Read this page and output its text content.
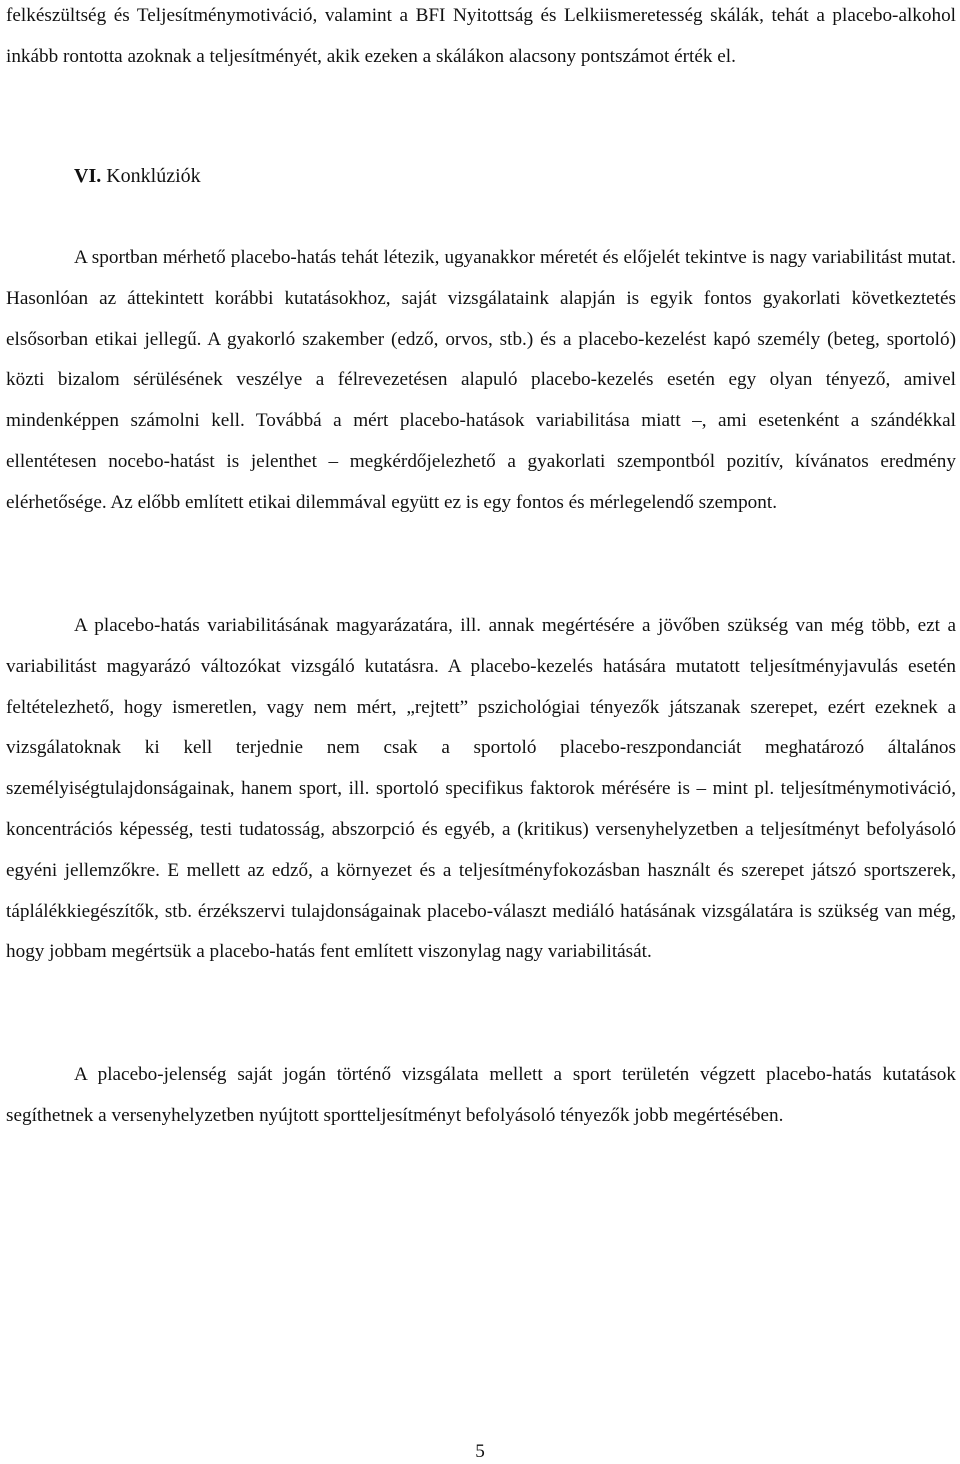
felkészültség és Teljesítménymotiváció, valamint a BFI Nyitottság és Lelkiismeretesség skálák, tehát a placebo-alkohol inkább rontotta azoknak a teljesítményét, akik ezeken a skálákon alacsony pontszámot érték el.

VI. Konklúziók

A sportban mérhető placebo-hatás tehát létezik, ugyanakkor méretét és előjelét tekintve is nagy variabilitást mutat. Hasonlóan az áttekintett korábbi kutatásokhoz, saját vizsgálataink alapján is egyik fontos gyakorlati következtetés elsősorban etikai jellegű. A gyakorló szakember (edző, orvos, stb.) és a placebo-kezelést kapó személy (beteg, sportoló) közti bizalom sérülésének veszélye a félrevezetésen alapuló placebo-kezelés esetén egy olyan tényező, amivel mindenképpen számolni kell. Továbbá a mért placebo-hatások variabilitása miatt –, ami esetenként a szándékkal ellentétesen nocebo-hatást is jelenthet – megkérdőjelezhető a gyakorlati szempontból pozitív, kívánatos eredmény elérhetősége. Az előbb említett etikai dilemmával együtt ez is egy fontos és mérlegelendő szempont.

A placebo-hatás variabilitásának magyarázatára, ill. annak megértésére a jövőben szükség van még több, ezt a variabilitást magyarázó változókat vizsgáló kutatásra. A placebo-kezelés hatására mutatott teljesítményjavulás esetén feltételezhető, hogy ismeretlen, vagy nem mért, „rejtett” pszichológiai tényezők játszanak szerepet, ezért ezeknek a vizsgálatoknak ki kell terjednie nem csak a sportoló placebo-reszpondanciát meghatározó általános személyiségtulajdonságainak, hanem sport, ill. sportoló specifikus faktorok mérésére is – mint pl. teljesítménymotiváció, koncentrációs képesség, testi tudatosság, abszorpció és egyéb, a (kritikus) versenyhelyzetben a teljesítményt befolyásoló egyéni jellemzőkre. E mellett az edző, a környezet és a teljesítményfokozásban használt és szerepet játszó sportszerek, táplálékkiegészítők, stb. érzékszervi tulajdonságainak placebo-választ mediáló hatásának vizsgálatára is szükség van még, hogy jobbam megértsük a placebo-hatás fent említett viszonylag nagy variabilitását.

A placebo-jelenség saját jogán történő vizsgálata mellett a sport területén végzett placebo-hatás kutatások segíthetnek a versenyhelyzetben nyújtott sportteljesítményt befolyásoló tényezők jobb megértésében.

5
